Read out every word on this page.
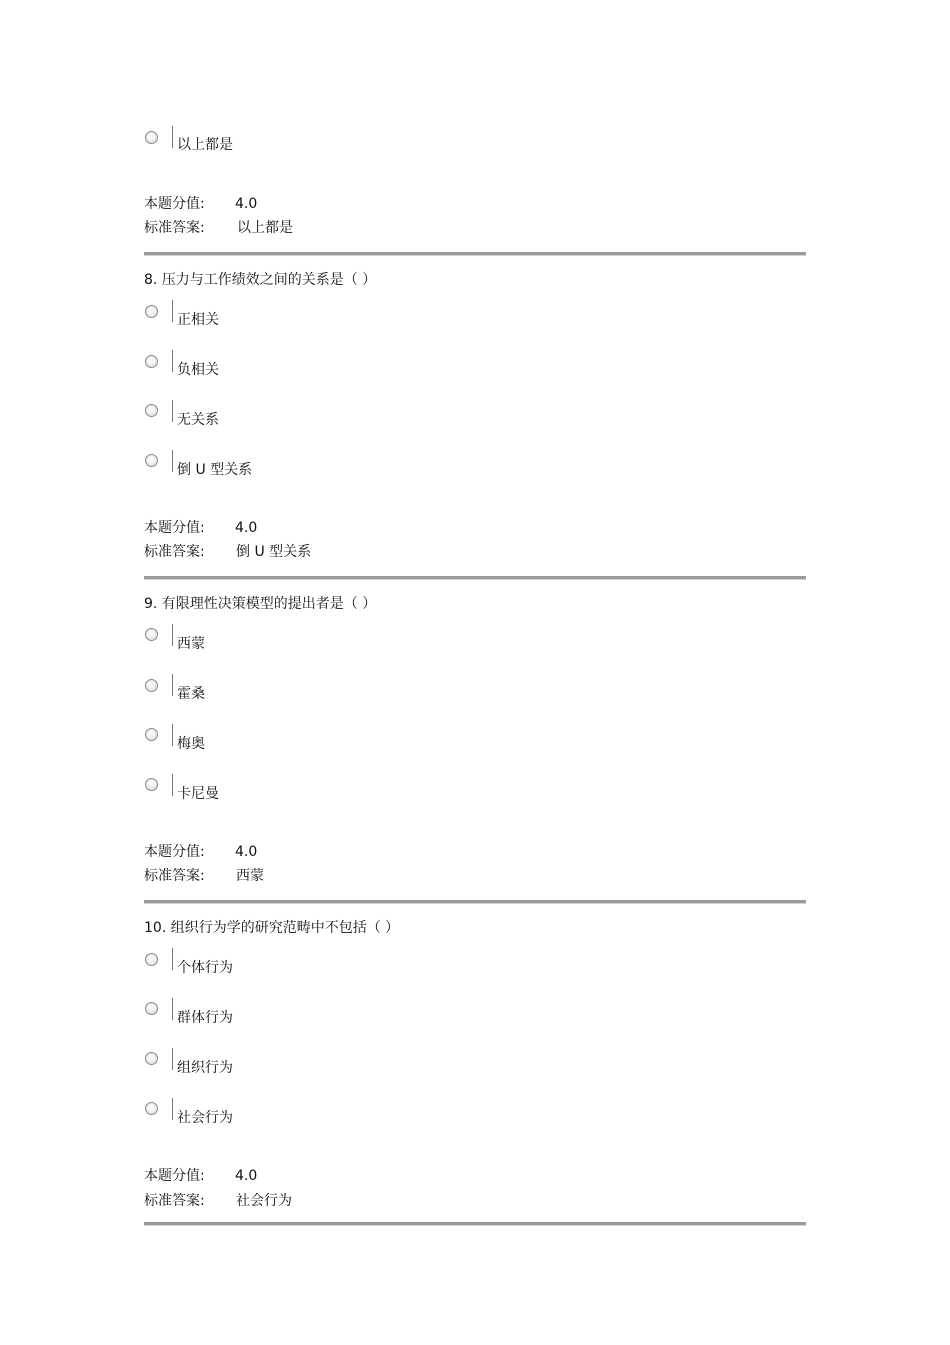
以上都是
本题分值: 4.0
标准答案: 以上都是
8. 压力与工作绩效之间的关系是（ ）
正相关
负相关
无关系
倒 U 型关系
本题分值: 4.0
标准答案: 倒 U 型关系
9. 有限理性决策模型的提出者是（ ）
西蒙
霍桑
梅奥
卡尼曼
本题分值: 4.0
标准答案: 西蒙
10. 组织行为学的研究范畴中不包括（ ）
个体行为
群体行为
组织行为
社会行为
本题分值: 4.0
标准答案: 社会行为
